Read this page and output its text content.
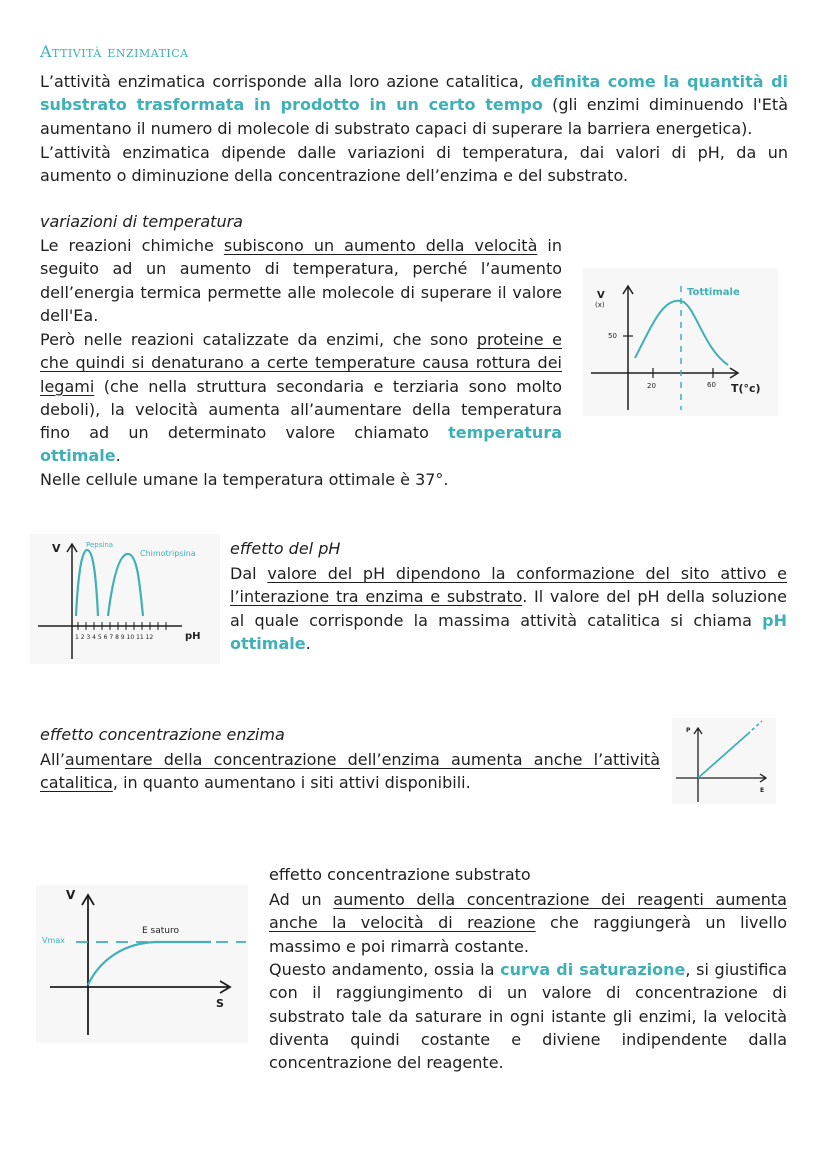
Attività enzimatica

L’attività enzimatica corrisponde alla loro azione catalitica, definita come la quantità di substrato trasformata in prodotto in un certo tempo (gli enzimi diminuendo l'Età aumentano il numero di molecole di substrato capaci di superare la barriera energetica).

L’attività enzimatica dipende dalle variazioni di temperatura, dai valori di pH, da un aumento o diminuzione della concentrazione dell’enzima e del substrato.

variazioni di temperatura

Le reazioni chimiche subiscono un aumento della velocità in seguito ad un aumento di temperatura, perché l’aumento dell’energia termica permette alle molecole di superare il valore dell'Ea.

Però nelle reazioni catalizzate da enzimi, che sono proteine e che quindi si denaturano a certe temperature causa rottura dei legami (che nella struttura secondaria e terziaria sono molto deboli), la velocità aumenta all’aumentare della temperatura fino ad un determinato valore chiamato temperatura ottimale.

Nelle cellule umane la temperatura ottimale è 37°.

V
(x)
50
20	60 T(°c)
Tottimale
V	Pepsina
Chimotripsina
1 2 3 4 5 6 7 8 9 10 11 12	pH
effetto del pH

Dal valore del pH dipendono la conformazione del sito attivo e l’interazione tra enzima e substrato. Il valore del pH della soluzione al quale corrisponde la massima attività catalitica si chiama pH ottimale.

effetto concentrazione enzima

All’aumentare della concentrazione dell’enzima aumenta anche l’attività catalitica, in quanto aumentano i siti attivi disponibili.

P
E
V
Vmax
E saturo
S
effetto concentrazione substrato

Ad un aumento della concentrazione dei reagenti aumenta anche la velocità di reazione che raggiungerà un livello massimo e poi rimarrà costante.

Questo andamento, ossia la curva di saturazione, si giustifica con il raggiungimento di un valore di concentrazione di substrato tale da saturare in ogni istante gli enzimi, la velocità diventa quindi costante e diviene indipendente dalla concentrazione del reagente.
